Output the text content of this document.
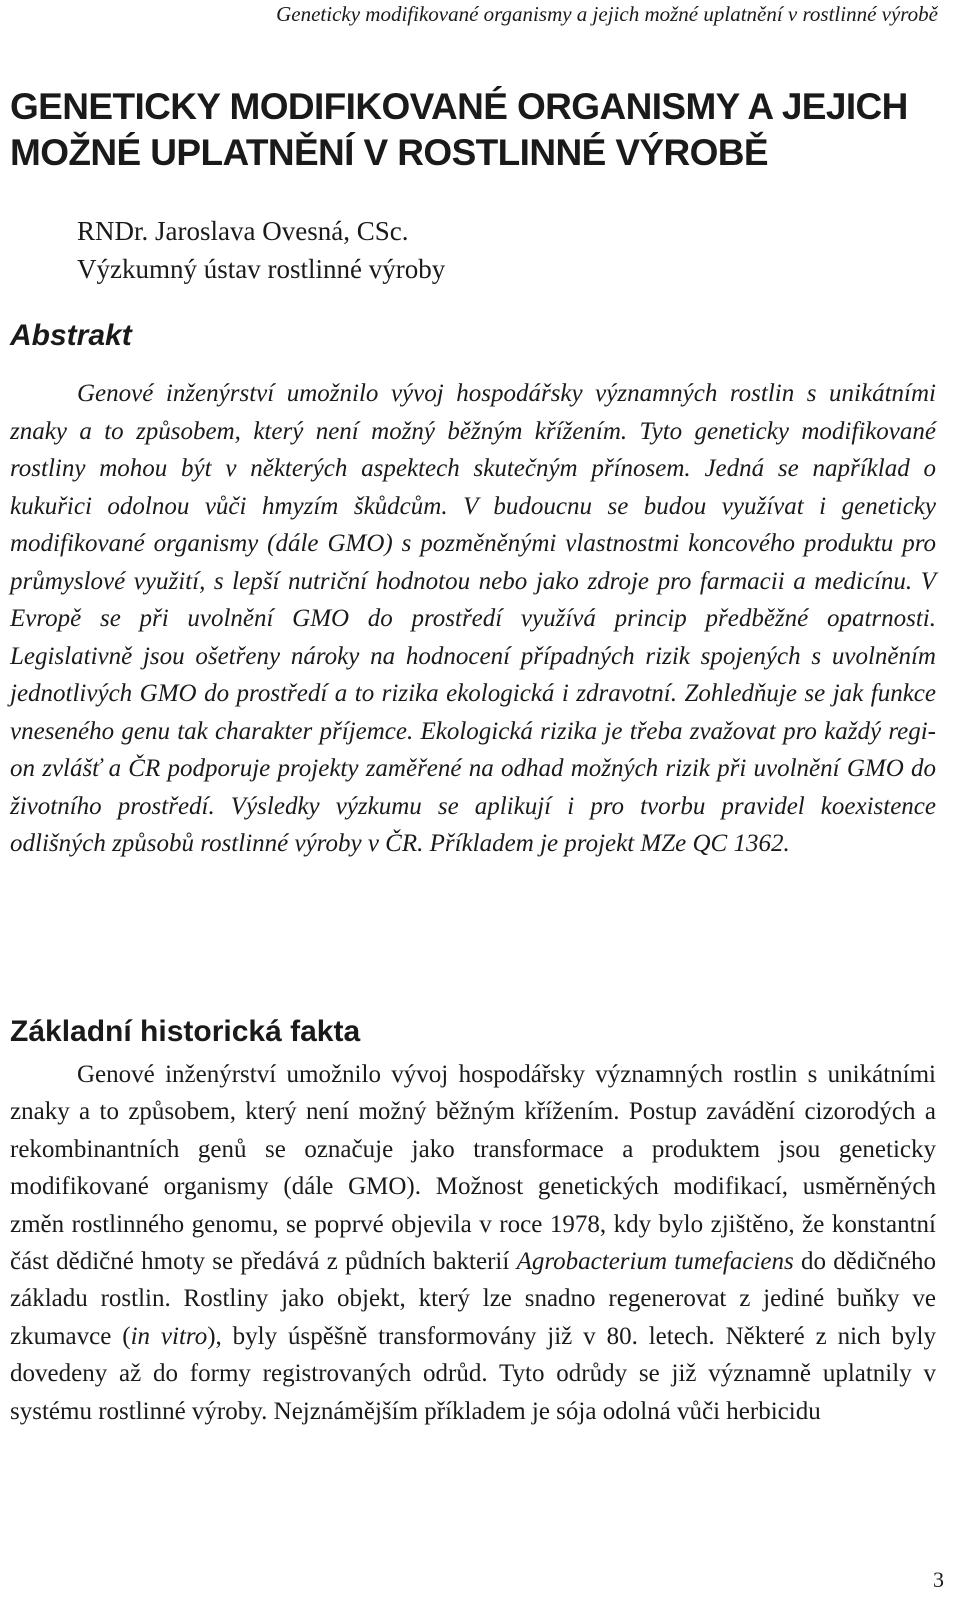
Geneticky modifikované organismy a jejich možné uplatnění v rostlinné výrobě
GENETICKY MODIFIKOVANÉ ORGANISMY A JEJICH
MOŽNÉ UPLATNĚNÍ V ROSTLINNÉ VÝROBĚ
RNDr. Jaroslava Ovesná, CSc.
Výzkumný ústav rostlinné výroby
Abstrakt

Genové inženýrství umožnilo vývoj hospodářsky významných rostlin s unikátními znaky a to způsobem, který není možný běžným křížením. Tyto geneticky modifikované rostliny mohou být v některých aspektech skutečným přínosem. Jedná se například o kukuřici odolnou vůči hmyzím škůdcům. V budoucnu se budou využívat i geneticky modifikované organismy (dále GMO) s pozměněnými vlastnostmi koncového produktu pro průmyslové využití, s lepší nutriční hodnotou nebo jako zdroje pro farmacii a medicínu. V Evropě se při uvolnění GMO do prostředí využívá princip předběžné opatrnosti. Legislativně jsou ošetřeny nároky na hodnocení případných rizik spojených s uvolněním jednotlivých GMO do prostředí a to rizika ekologická i zdravotní. Zohledňuje se jak funkce vneseného genu tak charakter příjemce. Ekologická rizika je třeba zvažovat pro každý region zvlášť a ČR podporuje projekty zaměřené na odhad možných rizik při uvolnění GMO do životního prostředí. Výsledky výzkumu se aplikují i pro tvorbu pravidel koexistence odlišných způsobů rostlinné výroby v ČR. Příkladem je projekt MZe QC 1362.

Základní historická fakta

Genové inženýrství umožnilo vývoj hospodářsky významných rostlin s unikátními znaky a to způsobem, který není možný běžným křížením. Postup zavádění cizorodých a rekombinantních genů se označuje jako transformace a produktem jsou geneticky modifikované organismy (dále GMO). Možnost genetických modifikací, usměrněných změn rostlinného genomu, se poprvé objevila v roce 1978, kdy bylo zjištěno, že konstantní část dědičné hmoty se předává z půdních bakterií Agrobacterium tumefaciens do dědičného základu rostlin. Rostliny jako objekt, který lze snadno regenerovat z jediné buňky ve zkumavce (in vitro), byly úspěšně transformovány již v 80. letech. Některé z nich byly dovedeny až do formy registrovaných odrůd. Tyto odrůdy se již významně uplatnily v systému rostlinné výroby. Nejznámějším příkladem je sója odolná vůči herbicidu

3
